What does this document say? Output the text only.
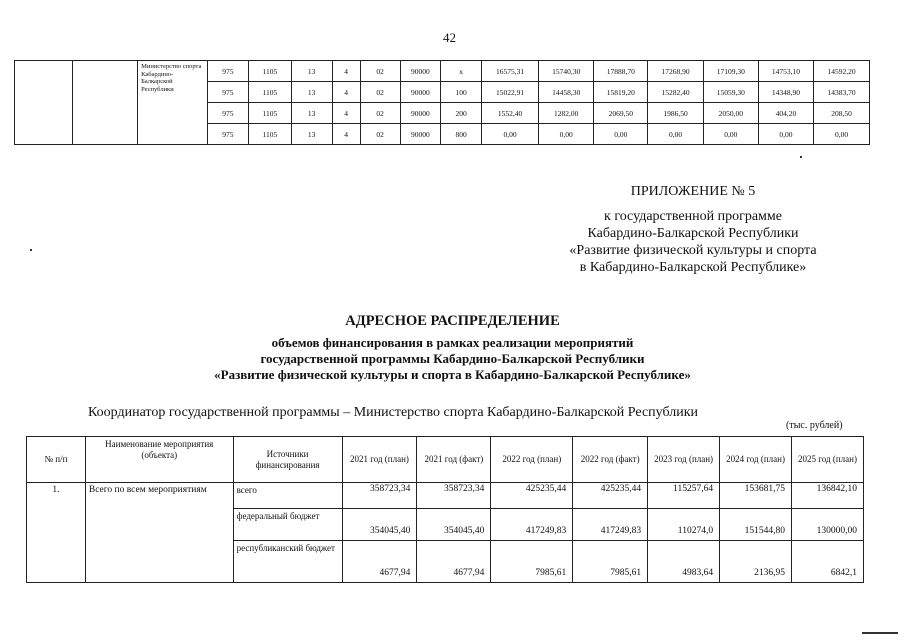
42
		Министерство спорта Кабардино-Балкарской Республики	975	1105	13	4	02	90000	x	16575,31	15740,30	17888,70	17268,90	17109,30	14753,10	14592,20
			975	1105	13	4	02	90000	100	15022,91	14458,30	15819,20	15282,40	15059,30	14348,90	14383,70
			975	1105	13	4	02	90000	200	1552,40	1282,00	2069,50	1986,50	2050,00	404,20	208,50
			975	1105	13	4	02	90000	800	0,00	0,00	0,00	0,00	0,00	0,00	0,00
ПРИЛОЖЕНИЕ № 5
к государственной программе
Кабардино-Балкарской Республики
«Развитие физической культуры и спорта
в Кабардино-Балкарской Республике»
АДРЕСНОЕ РАСПРЕДЕЛЕНИЕ
объемов финансирования в рамках реализации мероприятий
государственной программы Кабардино-Балкарской Республики
«Развитие физической культуры и спорта в Кабардино-Балкарской Республике»
Координатор государственной программы – Министерство спорта Кабардино-Балкарской Республики
(тыс. рублей)
№ п/п	Наименование мероприятия (объекта)	Источники финансирования	2021 год (план)	2021 год (факт)	2022 год (план)	2022 год (факт)	2023 год (план)	2024 год (план)	2025 год (план)
1.	Всего по всем мероприятиям	всего	358723,34	358723,34	425235,44	425235,44	115257,64	153681,75	136842,10
		федеральный бюджет	354045,40	354045,40	417249,83	417249,83	110274,0	151544,80	130000,00
		республиканский бюджет	4677,94	4677,94	7985,61	7985,61	4983,64	2136,95	6842,1
